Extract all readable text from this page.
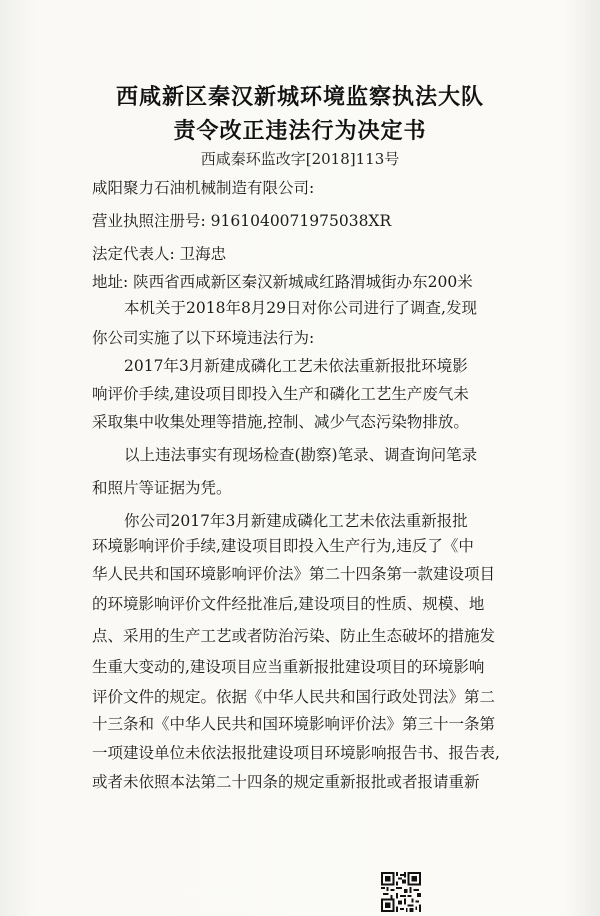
西咸新区秦汉新城环境监察执法大队
责令改正违法行为决定书
西咸秦环监改字[2018]113号
咸阳聚力石油机械制造有限公司:
营业执照注册号: 9161040071975038XR
法定代表人: 卫海忠
地址: 陕西省西咸新区秦汉新城咸红路渭城街办东200米
本机关于2018年8月29日对你公司进行了调查,发现
你公司实施了以下环境违法行为:
2017年3月新建成磷化工艺未依法重新报批环境影
响评价手续,建设项目即投入生产和磷化工艺生产废气未
采取集中收集处理等措施,控制、减少气态污染物排放。
以上违法事实有现场检查(勘察)笔录、调查询问笔录
和照片等证据为凭。
你公司2017年3月新建成磷化工艺未依法重新报批
环境影响评价手续,建设项目即投入生产行为,违反了《中
华人民共和国环境影响评价法》第二十四条第一款建设项目
的环境影响评价文件经批准后,建设项目的性质、规模、地
点、采用的生产工艺或者防治污染、防止生态破坏的措施发
生重大变动的,建设项目应当重新报批建设项目的环境影响
评价文件的规定。依据《中华人民共和国行政处罚法》第二
十三条和《中华人民共和国环境影响评价法》第三十一条第
一项建设单位未依法报批建设项目环境影响报告书、报告表,
或者未依照本法第二十四条的规定重新报批或者报请重新
